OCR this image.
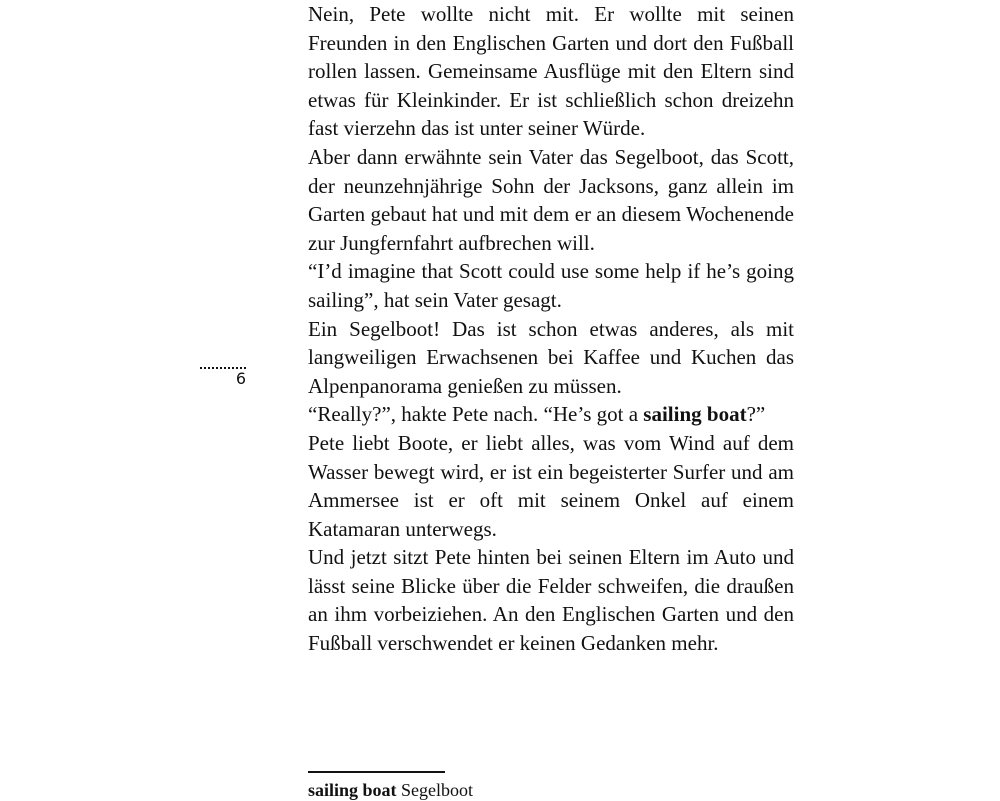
6

Nein, Pete wollte nicht mit. Er wollte mit seinen Freunden in den Englischen Garten und dort den Fußball rollen lassen. Gemeinsame Ausflüge mit den Eltern sind etwas für Kleinkinder. Er ist schließlich schon dreizehn fast vierzehn das ist unter seiner Würde.

Aber dann erwähnte sein Vater das Segelboot, das Scott, der neunzehnjährige Sohn der Jacksons, ganz allein im Garten gebaut hat und mit dem er an diesem Wochenende zur Jungfernfahrt aufbrechen will.

“I’d imagine that Scott could use some help if he’s going sailing”, hat sein Vater gesagt.

Ein Segelboot! Das ist schon etwas anderes, als mit langweiligen Erwachsenen bei Kaffee und Kuchen das Alpenpanorama genießen zu müssen.

“Really?”, hakte Pete nach. “He’s got a sailing boat?”

Pete liebt Boote, er liebt alles, was vom Wind auf dem Wasser bewegt wird, er ist ein begeisterter Surfer und am Ammersee ist er oft mit seinem Onkel auf einem Katamaran unterwegs.

Und jetzt sitzt Pete hinten bei seinen Eltern im Auto und lässt seine Blicke über die Felder schweifen, die draußen an ihm vorbeiziehen. An den Englischen Garten und den Fußball verschwendet er keinen Gedanken mehr.

sailing boat Segelboot
